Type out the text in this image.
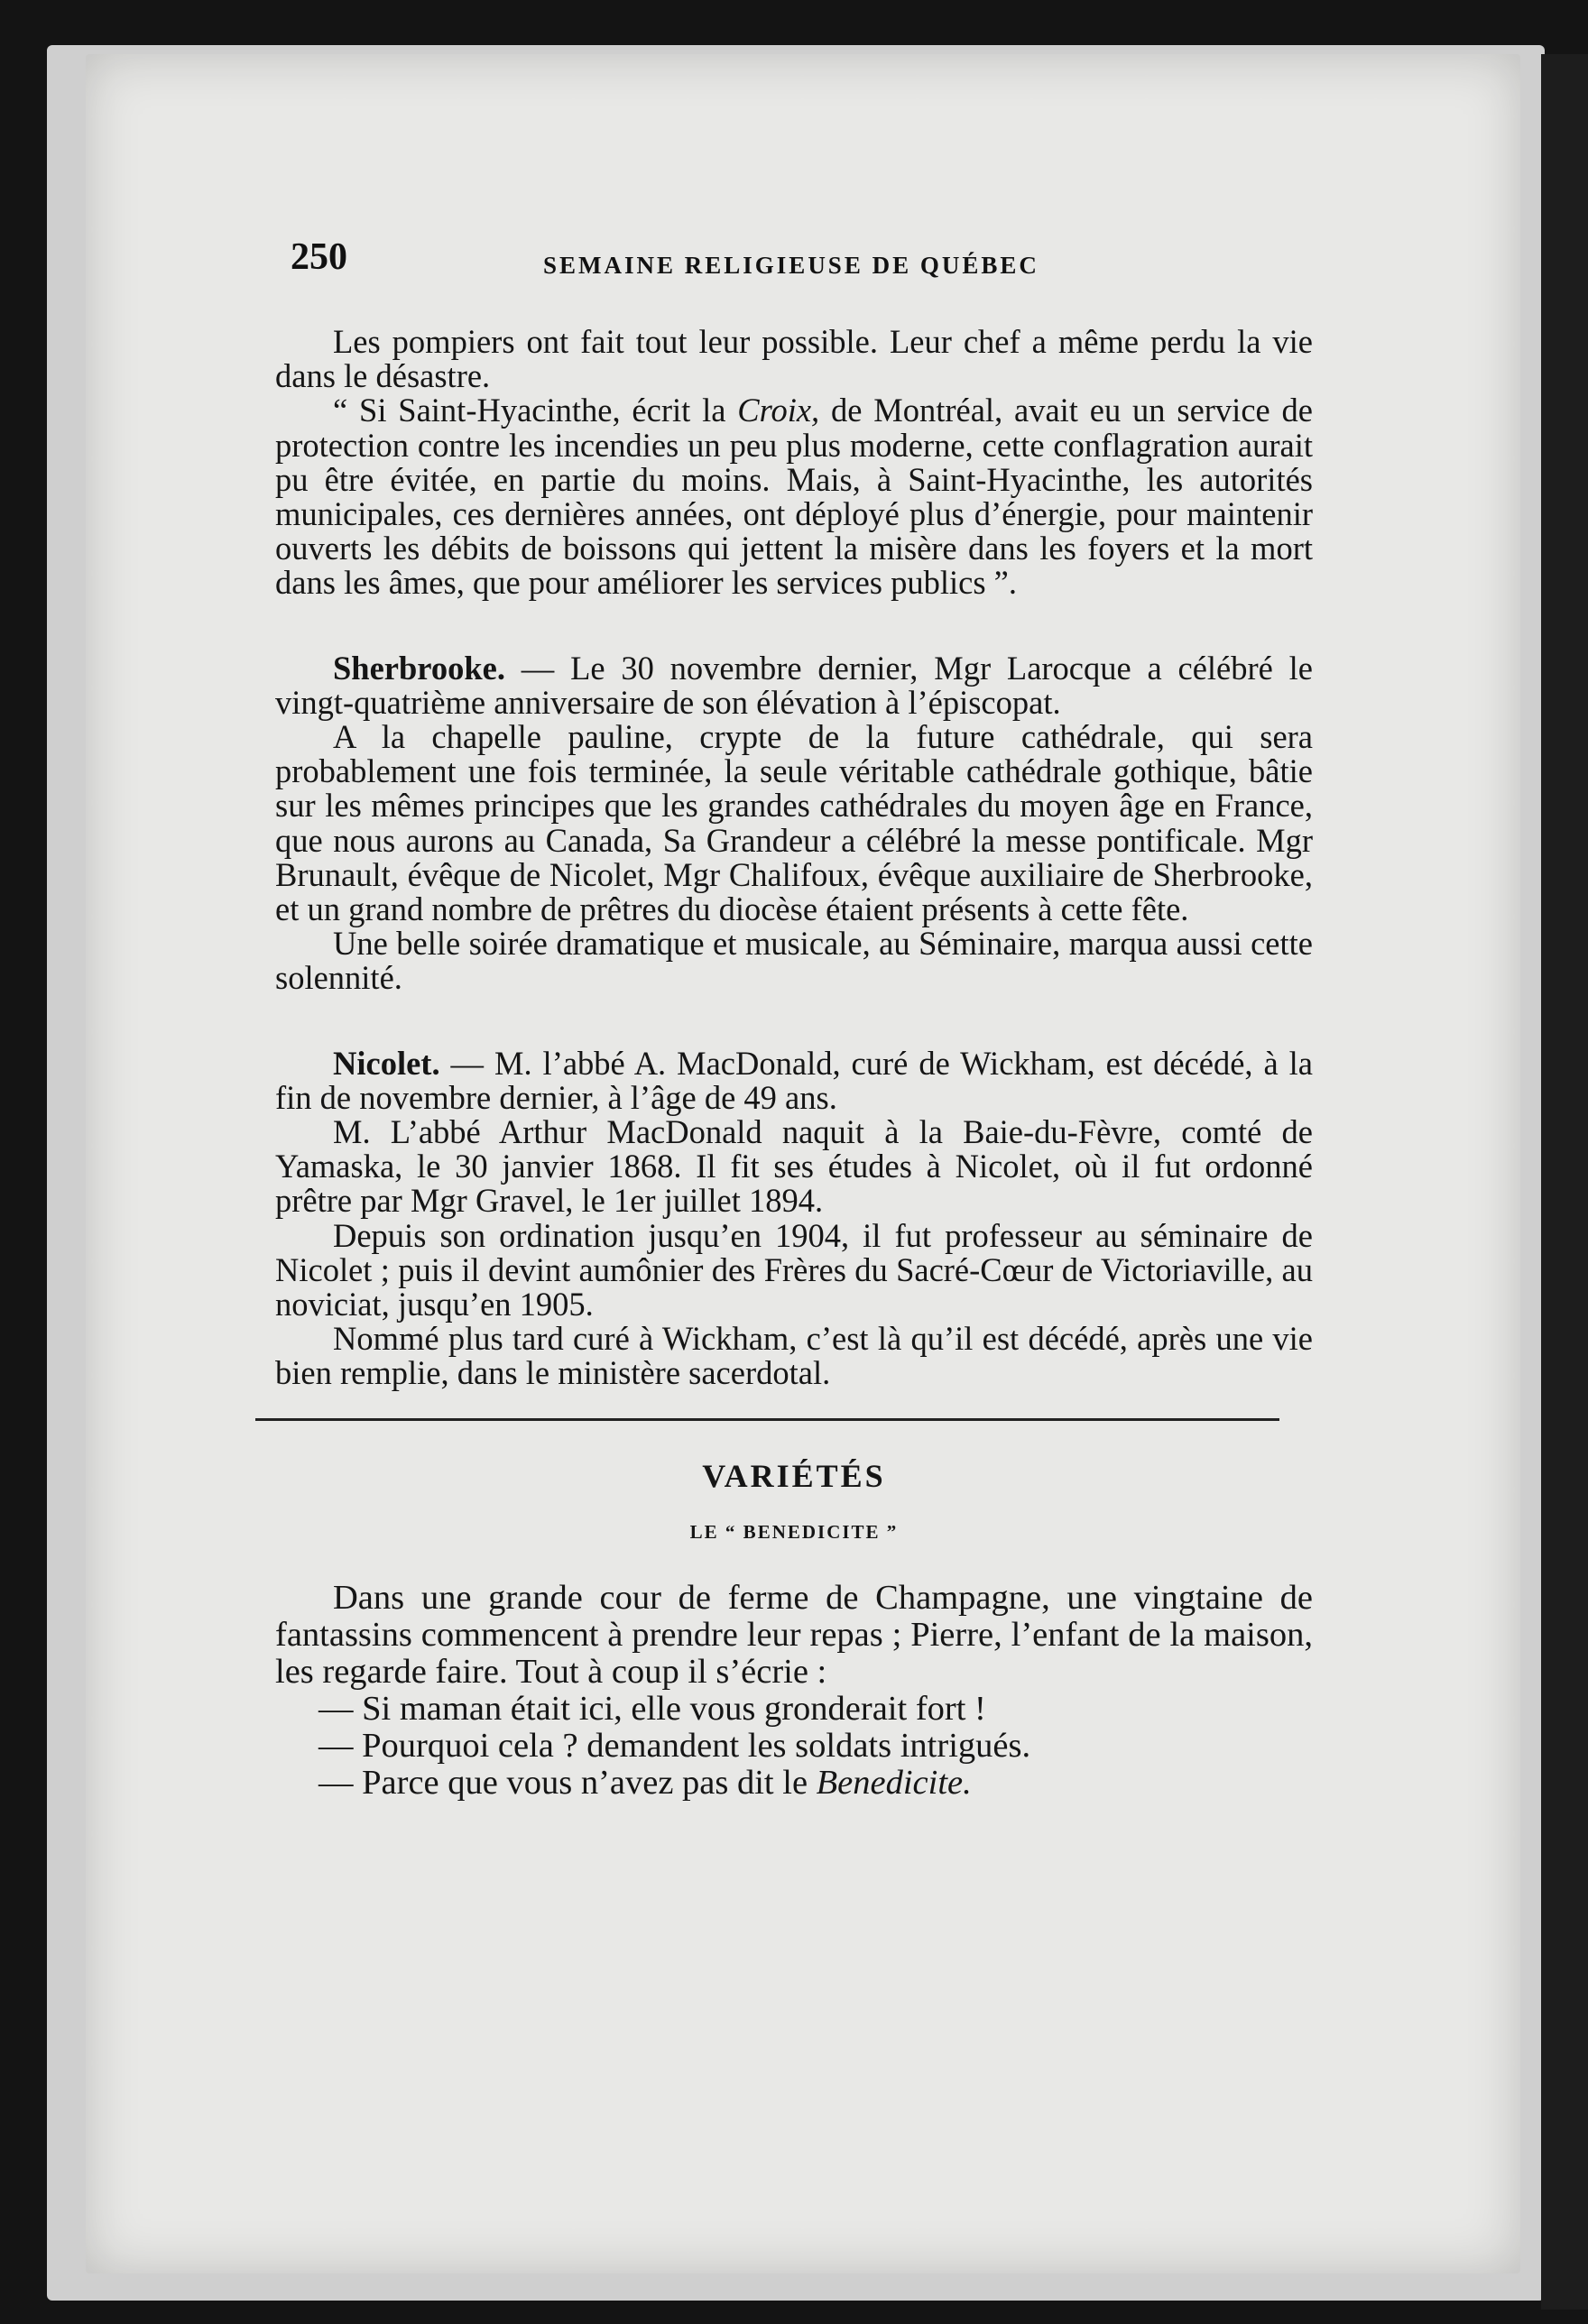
250	SEMAINE RELIGIEUSE DE QUÉBEC

Les pompiers ont fait tout leur possible. Leur chef a même perdu la vie dans le désastre.

“ Si Saint-Hyacinthe, écrit la Croix, de Montréal, avait eu un service de protection contre les incendies un peu plus moderne, cette conflagration aurait pu être évitée, en partie du moins. Mais, à Saint-Hyacinthe, les autorités municipales, ces dernières années, ont déployé plus d’énergie, pour maintenir ouverts les débits de boissons qui jettent la misère dans les foyers et la mort dans les âmes, que pour améliorer les services publics ”.

Sherbrooke. — Le 30 novembre dernier, Mgr Larocque a célébré le vingt-quatrième anniversaire de son élévation à l’épiscopat.

A la chapelle pauline, crypte de la future cathédrale, qui sera probablement une fois terminée, la seule véritable cathédrale gothique, bâtie sur les mêmes principes que les grandes cathédrales du moyen âge en France, que nous aurons au Canada, Sa Grandeur a célébré la messe pontificale. Mgr Brunault, évêque de Nicolet, Mgr Chalifoux, évêque auxiliaire de Sherbrooke, et un grand nombre de prêtres du diocèse étaient présents à cette fête.

Une belle soirée dramatique et musicale, au Séminaire, marqua aussi cette solennité.

Nicolet. — M. l’abbé A. MacDonald, curé de Wickham, est décédé, à la fin de novembre dernier, à l’âge de 49 ans.

M. L’abbé Arthur MacDonald naquit à la Baie-du-Fèvre, comté de Yamaska, le 30 janvier 1868. Il fit ses études à Nicolet, où il fut ordonné prêtre par Mgr Gravel, le 1er juillet 1894.

Depuis son ordination jusqu’en 1904, il fut professeur au séminaire de Nicolet ; puis il devint aumônier des Frères du Sacré-Cœur de Victoriaville, au noviciat, jusqu’en 1905.

Nommé plus tard curé à Wickham, c’est là qu’il est décédé, après une vie bien remplie, dans le ministère sacerdotal.

VARIÉTÉS
LE “ BENEDICITE ”

Dans une grande cour de ferme de Champagne, une vingtaine de fantassins commencent à prendre leur repas ; Pierre, l’enfant de la maison, les regarde faire. Tout à coup il s’écrie :

— Si maman était ici, elle vous gronderait fort !

— Pourquoi cela ? demandent les soldats intrigués.

— Parce que vous n’avez pas dit le Benedicite.
